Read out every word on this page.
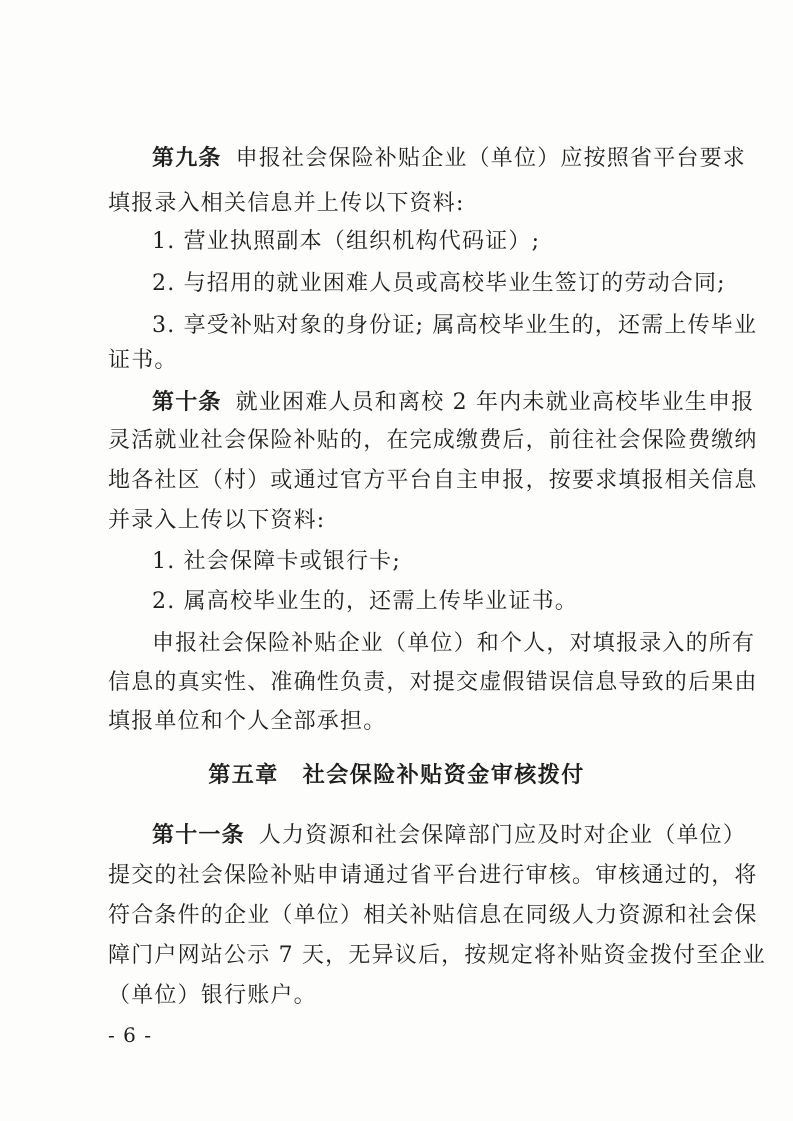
第九条 申报社会保险补贴企业（单位）应按照省平台要求
填报录入相关信息并上传以下资料:
1. 营业执照副本（组织机构代码证）;
2. 与招用的就业困难人员或高校毕业生签订的劳动合同;
3. 享受补贴对象的身份证; 属高校毕业生的，还需上传毕业
证书。
第十条 就业困难人员和离校 2 年内未就业高校毕业生申报
灵活就业社会保险补贴的，在完成缴费后，前往社会保险费缴纳
地各社区（村）或通过官方平台自主申报，按要求填报相关信息
并录入上传以下资料:
1. 社会保障卡或银行卡;
2. 属高校毕业生的，还需上传毕业证书。
申报社会保险补贴企业（单位）和个人，对填报录入的所有
信息的真实性、准确性负责，对提交虚假错误信息导致的后果由
填报单位和个人全部承担。
第五章 社会保险补贴资金审核拨付
第十一条 人力资源和社会保障部门应及时对企业（单位）
提交的社会保险补贴申请通过省平台进行审核。审核通过的，将
符合条件的企业（单位）相关补贴信息在同级人力资源和社会保
障门户网站公示 7 天，无异议后，按规定将补贴资金拨付至企业
（单位）银行账户。
- 6 -
